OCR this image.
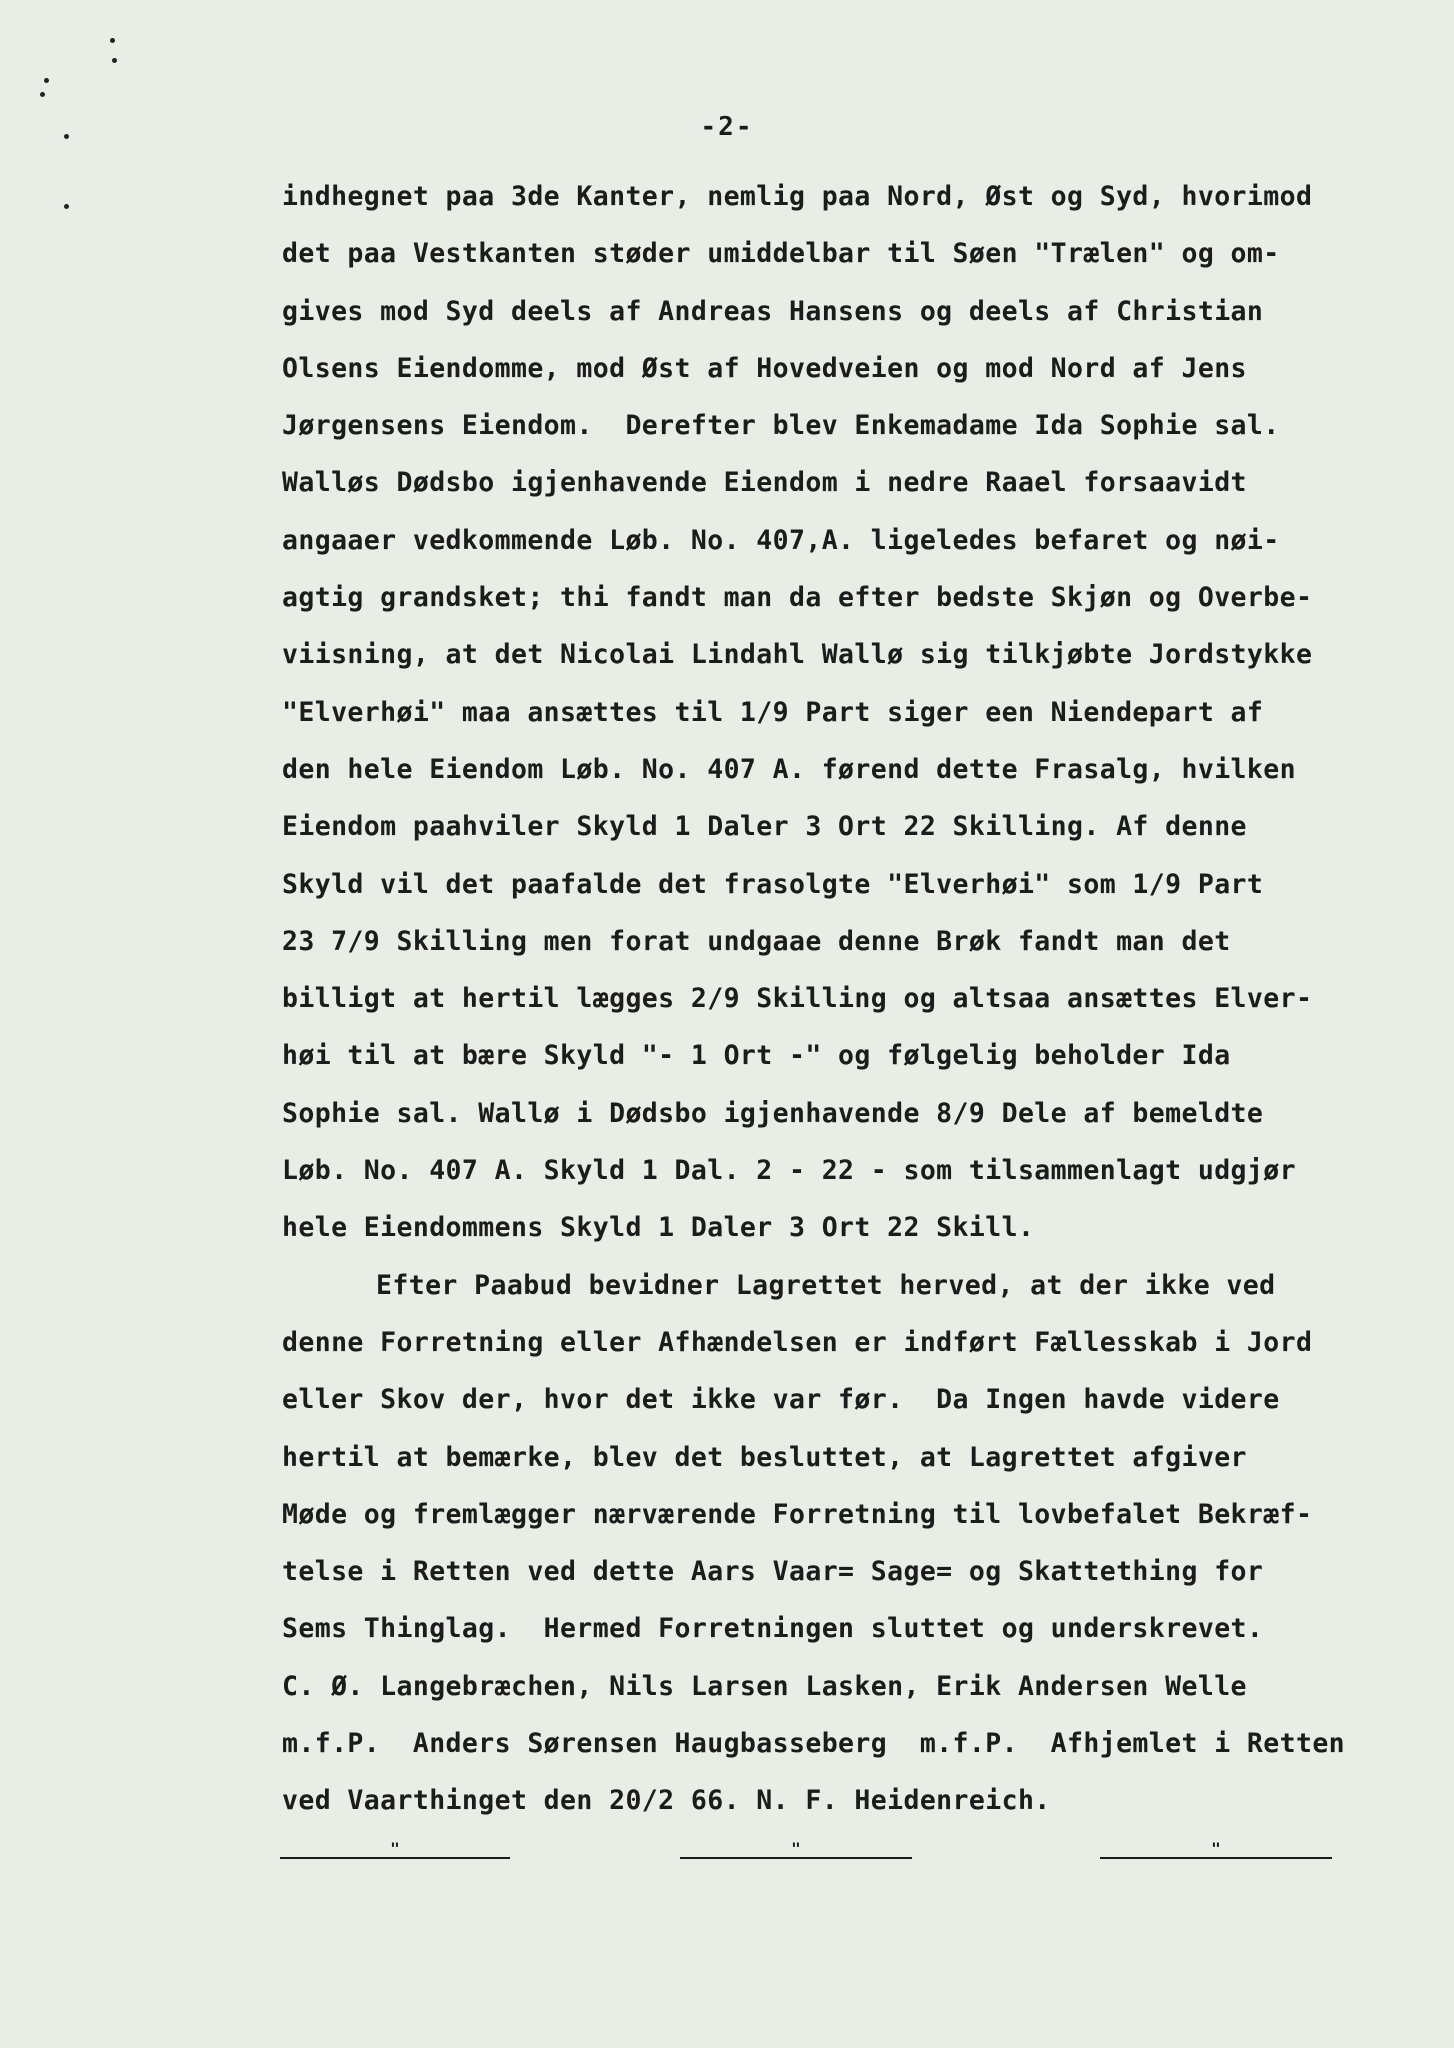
-2-
indhegnet paa 3de Kanter, nemlig paa Nord, Øst og Syd, hvorimod
det paa Vestkanten støder umiddelbar til Søen "Trælen" og om-
gives mod Syd deels af Andreas Hansens og deels af Christian
Olsens Eiendomme, mod Øst af Hovedveien og mod Nord af Jens
Jørgensens Eiendom.  Derefter blev Enkemadame Ida Sophie sal.
Walløs Dødsbo igjenhavende Eiendom i nedre Raael forsaavidt
angaaer vedkommende Løb. No. 407,A. ligeledes befaret og nøi-
agtig grandsket; thi fandt man da efter bedste Skjøn og Overbe-
viisning, at det Nicolai Lindahl Wallø sig tilkjøbte Jordstykke
"Elverhøi" maa ansættes til 1/9 Part siger een Niendepart af
den hele Eiendom Løb. No. 407 A. førend dette Frasalg, hvilken
Eiendom paahviler Skyld 1 Daler 3 Ort 22 Skilling. Af denne
Skyld vil det paafalde det frasolgte "Elverhøi" som 1/9 Part
23 7/9 Skilling men forat undgaae denne Brøk fandt man det
billigt at hertil lægges 2/9 Skilling og altsaa ansættes Elver-
høi til at bære Skyld "- 1 Ort -" og følgelig beholder Ida
Sophie sal. Wallø i Dødsbo igjenhavende 8/9 Dele af bemeldte
Løb. No. 407 A. Skyld 1 Dal. 2 - 22 - som tilsammenlagt udgjør
hele Eiendommens Skyld 1 Daler 3 Ort 22 Skill.
Efter Paabud bevidner Lagrettet herved, at der ikke ved
denne Forretning eller Afhændelsen er indført Fællesskab i Jord
eller Skov der, hvor det ikke var før.  Da Ingen havde videre
hertil at bemærke, blev det besluttet, at Lagrettet afgiver
Møde og fremlægger nærværende Forretning til lovbefalet Bekræf-
telse i Retten ved dette Aars Vaar= Sage= og Skattething for
Sems Thinglag.  Hermed Forretningen sluttet og underskrevet.
C. Ø. Langebræchen, Nils Larsen Lasken, Erik Andersen Welle
m.f.P.  Anders Sørensen Haugbasseberg  m.f.P.  Afhjemlet i Retten
ved Vaarthinget den 20/2 66. N. F. Heidenreich.
"	"	"
